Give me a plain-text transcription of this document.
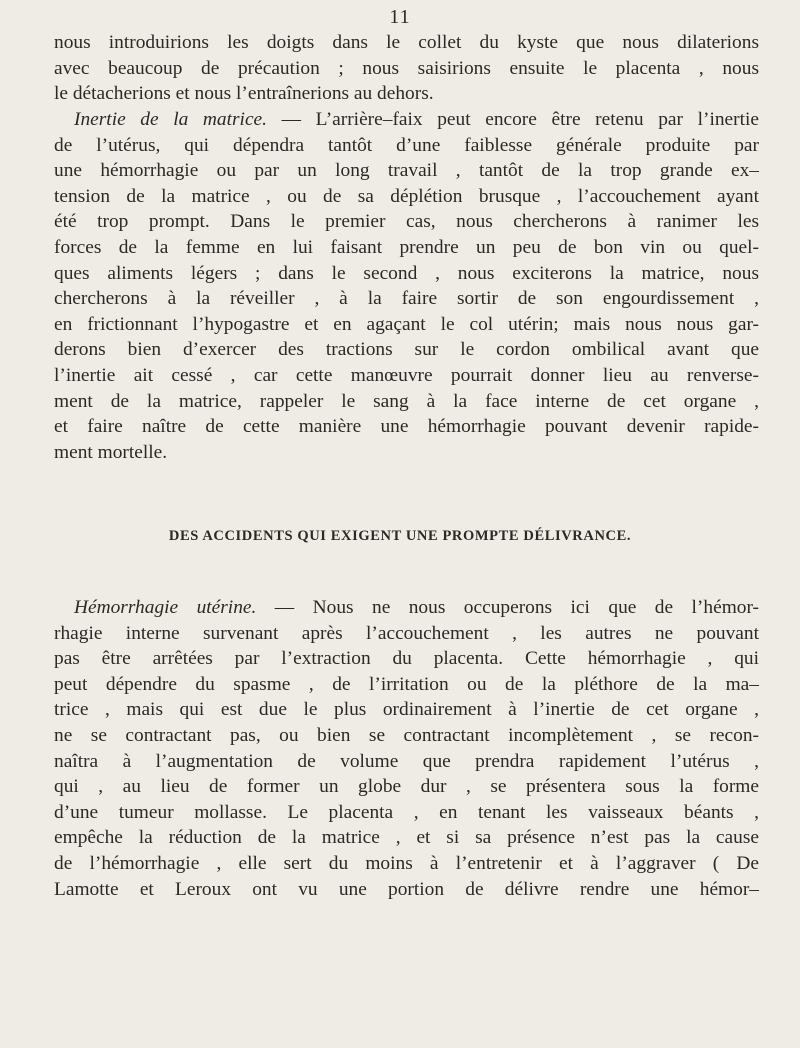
11

nous introduirions les doigts dans le collet du kyste que nous dilaterions
avec beaucoup de précaution ; nous saisirions ensuite le placenta , nous
le détacherions et nous l’entraînerions au dehors.

Inertie de la matrice. — L’arrière–faix peut encore être retenu par l’inertie
de l’utérus, qui dépendra tantôt d’une faiblesse générale produite par
une hémorrhagie ou par un long travail , tantôt de la trop grande ex–
tension de la matrice , ou de sa déplétion brusque , l’accouchement ayant
été trop prompt. Dans le premier cas, nous chercherons à ranimer les
forces de la femme en lui faisant prendre un peu de bon vin ou quel-
ques aliments légers ; dans le second , nous exciterons la matrice, nous
chercherons à la réveiller , à la faire sortir de son engourdissement ,
en frictionnant l’hypogastre et en agaçant le col utérin; mais nous nous gar-
derons bien d’exercer des tractions sur le cordon ombilical avant que
l’inertie ait cessé , car cette manœuvre pourrait donner lieu au renverse-
ment de la matrice, rappeler le sang à la face interne de cet organe ,
et faire naître de cette manière une hémorrhagie pouvant devenir rapide-
ment mortelle.

DES ACCIDENTS QUI EXIGENT UNE PROMPTE DÉLIVRANCE.

Hémorrhagie utérine. — Nous ne nous occuperons ici que de l’hémor-
rhagie interne survenant après l’accouchement , les autres ne pouvant
pas être arrêtées par l’extraction du placenta. Cette hémorrhagie , qui
peut dépendre du spasme , de l’irritation ou de la pléthore de la ma–
trice , mais qui est due le plus ordinairement à l’inertie de cet organe ,
ne se contractant pas, ou bien se contractant incomplètement , se recon-
naîtra à l’augmentation de volume que prendra rapidement l’utérus ,
qui , au lieu de former un globe dur , se présentera sous la forme
d’une tumeur mollasse. Le placenta , en tenant les vaisseaux béants ,
empêche la réduction de la matrice , et si sa présence n’est pas la cause
de l’hémorrhagie , elle sert du moins à l’entretenir et à l’aggraver ( De
Lamotte et Leroux ont vu une portion de délivre rendre une hémor–
